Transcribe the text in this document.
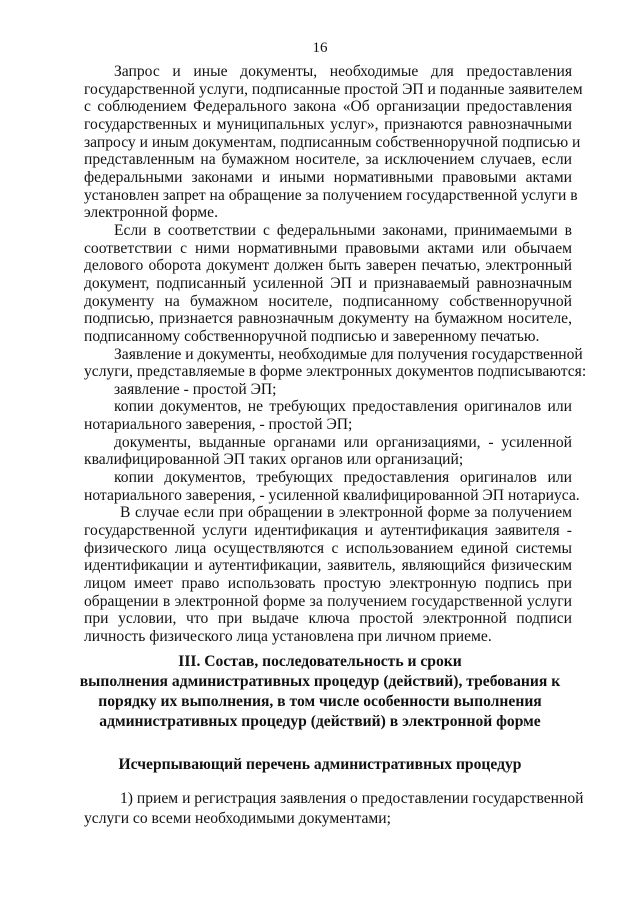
16
Запрос и иные документы, необходимые для предоставления
государственной услуги, подписанные простой ЭП и поданные заявителем
с соблюдением Федерального закона «Об организации предоставления
государственных и муниципальных услуг», признаются равнозначными
запросу и иным документам, подписанным собственноручной подписью и
представленным на бумажном носителе, за исключением случаев, если
федеральными законами и иными нормативными правовыми актами
установлен запрет на обращение за получением государственной услуги в
электронной форме.
Если в соответствии с федеральными законами, принимаемыми в
соответствии с ними нормативными правовыми актами или обычаем
делового оборота документ должен быть заверен печатью, электронный
документ, подписанный усиленной ЭП и признаваемый равнозначным
документу на бумажном носителе, подписанному собственноручной
подписью, признается равнозначным документу на бумажном носителе,
подписанному собственноручной подписью и заверенному печатью.
Заявление и документы, необходимые для получения государственной
услуги, представляемые в форме электронных документов подписываются:
заявление - простой ЭП;
копии документов, не требующих предоставления оригиналов или
нотариального заверения, - простой ЭП;
документы, выданные органами или организациями, - усиленной
квалифицированной ЭП таких органов или организаций;
копии документов, требующих предоставления оригиналов или
нотариального заверения, - усиленной квалифицированной ЭП нотариуса.
В случае если при обращении в электронной форме за получением
государственной услуги идентификация и аутентификация заявителя -
физического лица осуществляются с использованием единой системы
идентификации и аутентификации, заявитель, являющийся физическим
лицом имеет право использовать простую электронную подпись при
обращении в электронной форме за получением государственной услуги
при условии, что при выдаче ключа простой электронной подписи
личность физического лица установлена при личном приеме.
III. Состав, последовательность и сроки
выполнения административных процедур (действий), требования к
порядку их выполнения, в том числе особенности выполнения
административных процедур (действий) в электронной форме
Исчерпывающий перечень административных процедур
1) прием и регистрация заявления о предоставлении государственной
услуги со всеми необходимыми документами;
